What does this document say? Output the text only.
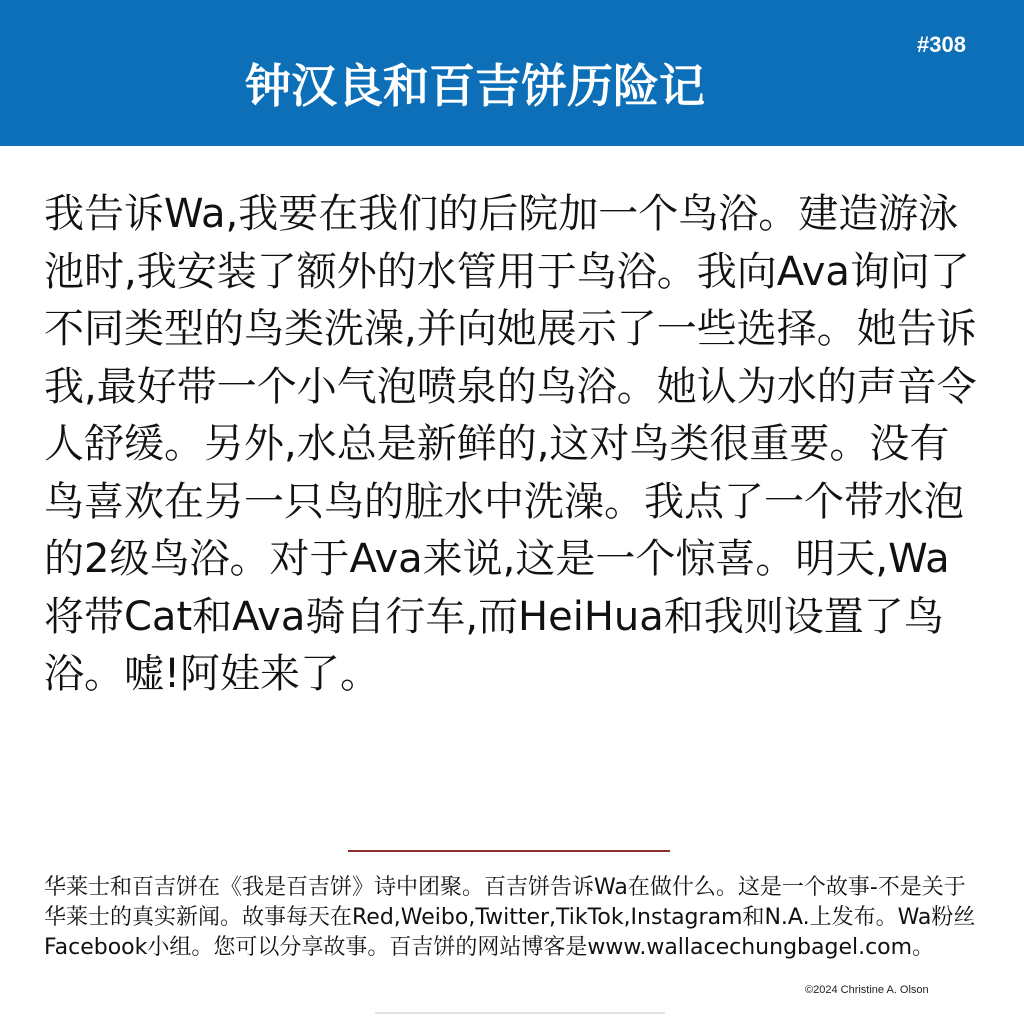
钟汉良和百吉饼历险记
#308

我告诉Wa,我要在我们的后院加一个鸟浴。建造游泳池时,我安装了额外的水管用于鸟浴。我向Ava询问了不同类型的鸟类洗澡,并向她展示了一些选择。她告诉我,最好带一个小气泡喷泉的鸟浴。她认为水的声音令人舒缓。另外,水总是新鲜的,这对鸟类很重要。没有鸟喜欢在另一只鸟的脏水中洗澡。我点了一个带水泡的2级鸟浴。对于Ava来说,这是一个惊喜。明天,Wa将带Cat和Ava骑自行车,而HeiHua和我则设置了鸟浴。嘘!阿娃来了。

华莱士和百吉饼在《我是百吉饼》诗中团聚。百吉饼告诉Wa在做什么。这是一个故事-不是关于华莱士的真实新闻。故事每天在Red,Weibo,Twitter,TikTok,Instagram和N.A.上发布。Wa粉丝Facebook小组。您可以分享故事。百吉饼的网站博客是www.wallacechungbagel.com。

©2024 Christine A. Olson
